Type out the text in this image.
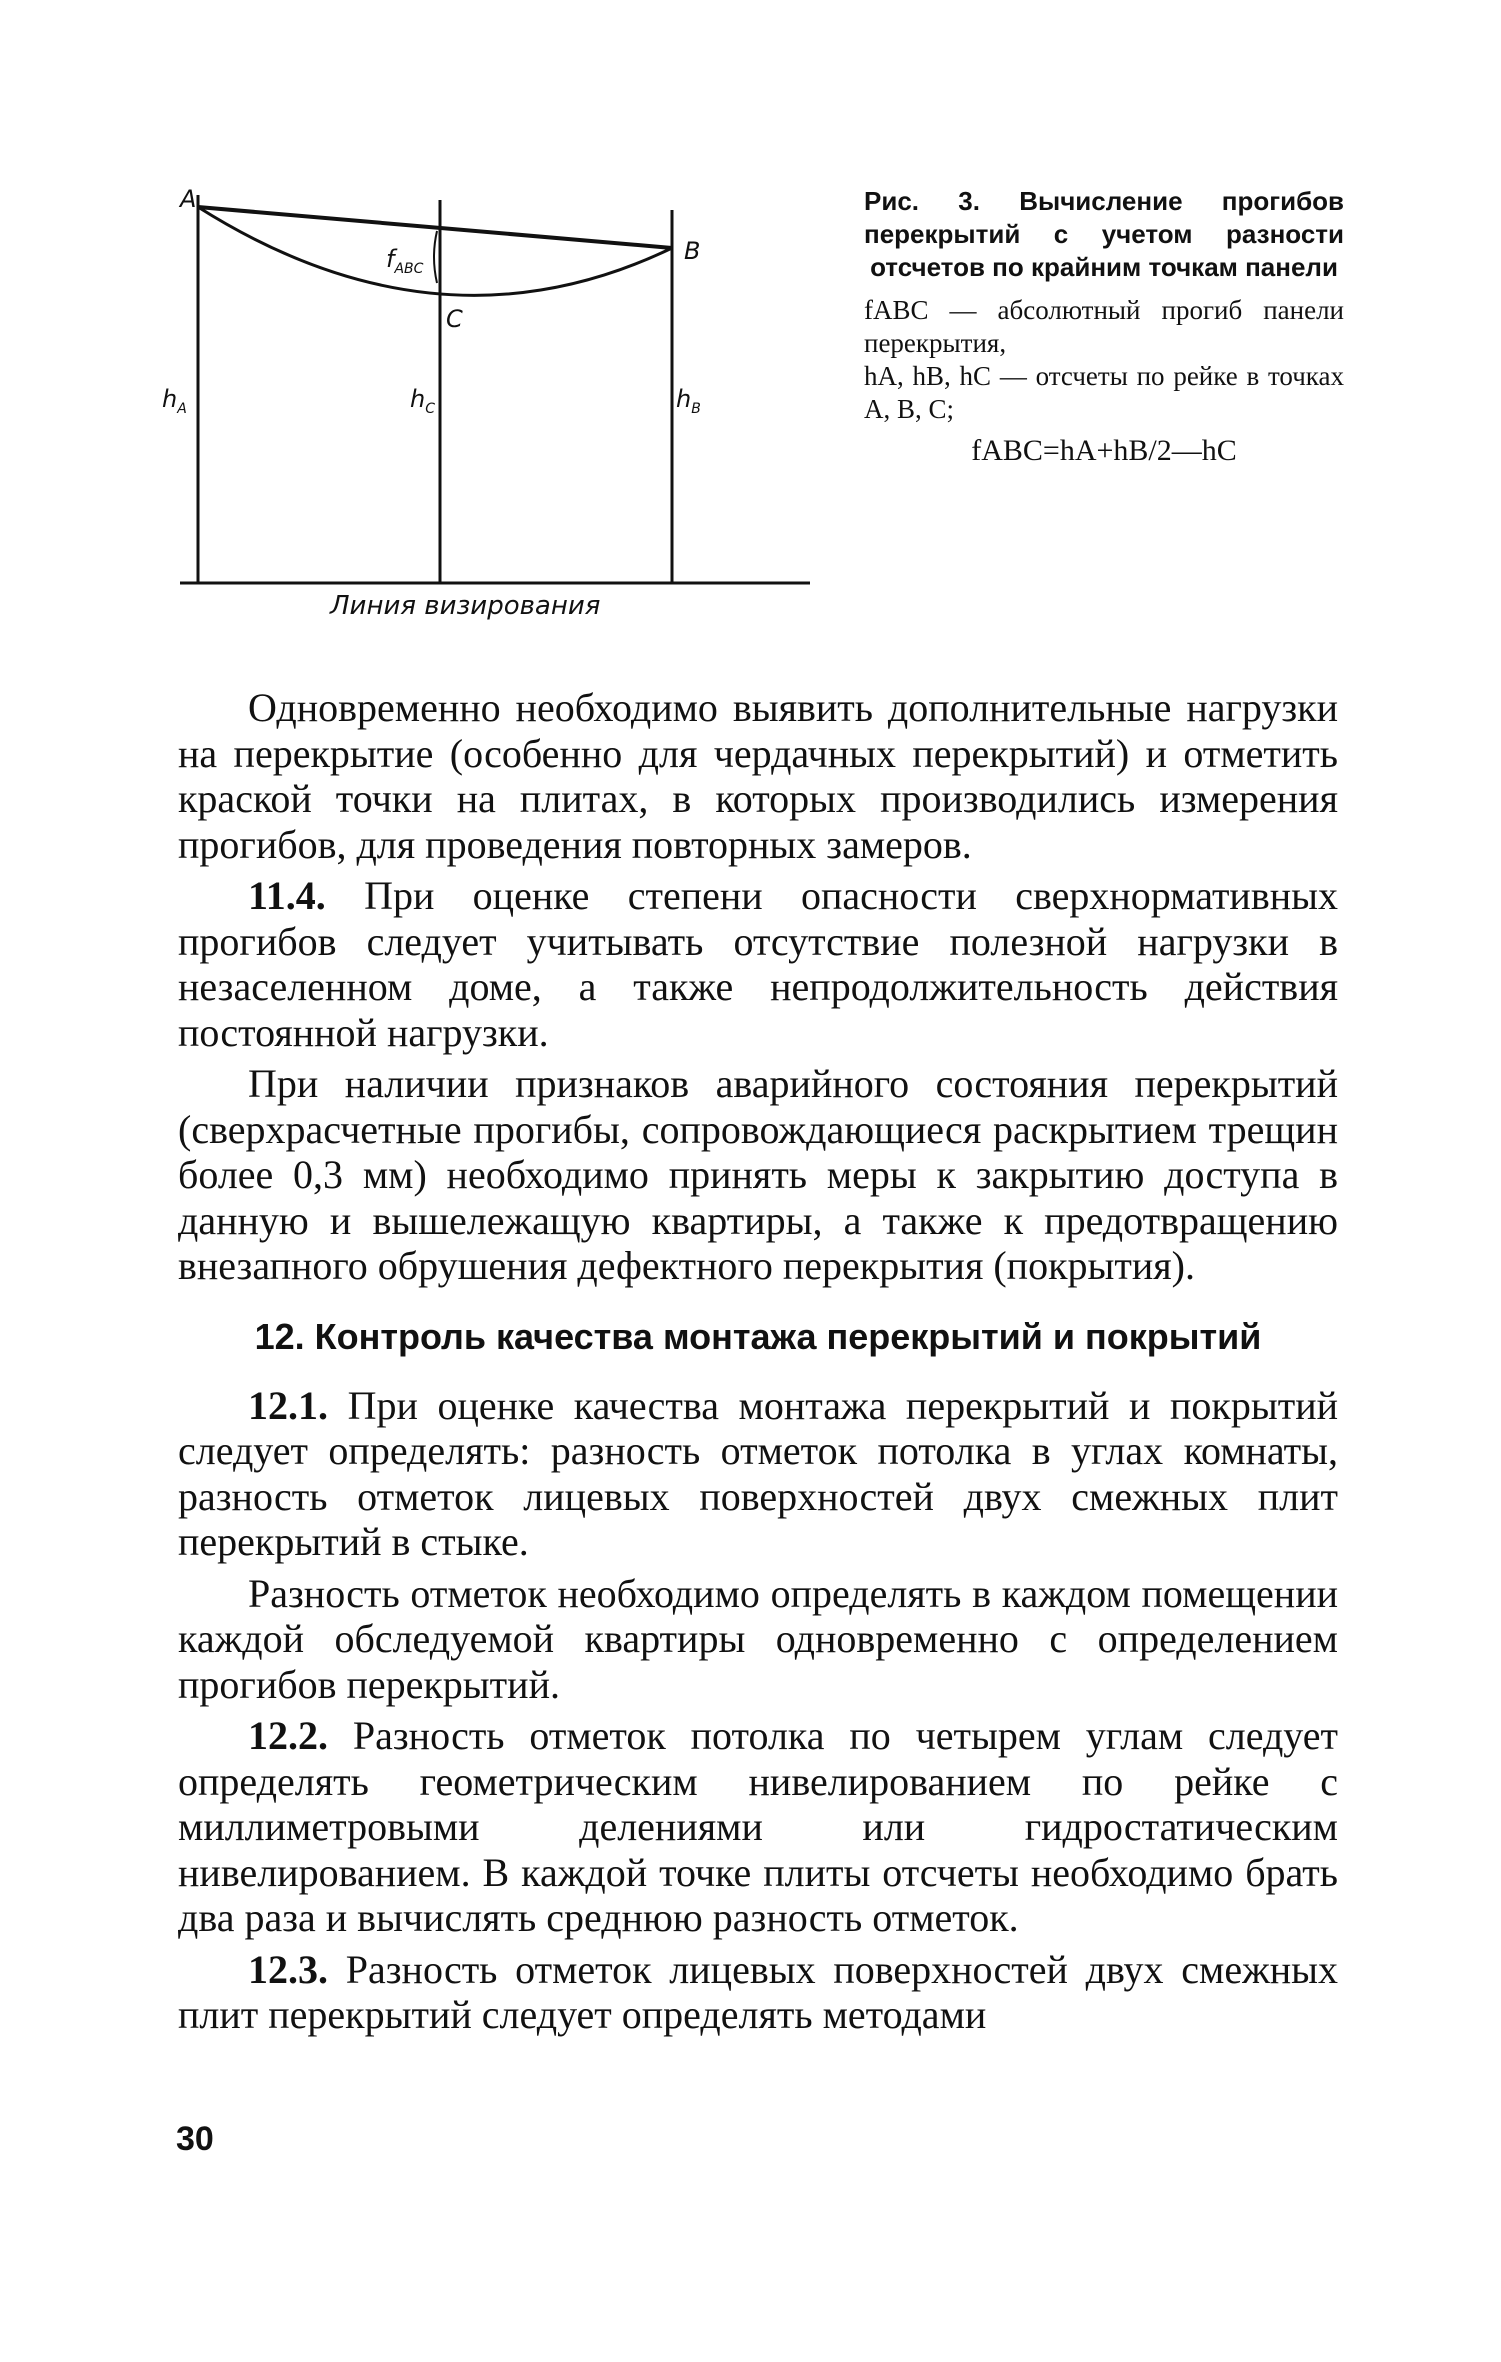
A
B
C
$f_{ABC}$
$h_A$	$h_C$	$h_B$
Линия визирования
Рис. 3. Вычисление прогибов перекрытий с учетом разности отсчетов по крайним точкам панели

fABC — абсолютный прогиб панели перекрытия,

hA, hB, hC — отсчеты по рейке в точках A, B, C;

fABC=hA+hB/2—hC

Одновременно необходимо выявить дополнительные нагрузки на перекрытие (особенно для чердачных перекрытий) и отметить краской точки на плитах, в которых производились измерения прогибов, для проведения повторных замеров.

11.4. При оценке степени опасности сверхнормативных прогибов следует учитывать отсутствие полезной нагрузки в незаселенном доме, а также непродолжительность действия постоянной нагрузки.

При наличии признаков аварийного состояния перекрытий (сверхрасчетные прогибы, сопровождающиеся раскрытием трещин более 0,3 мм) необходимо принять меры к закрытию доступа в данную и вышележащую квартиры, а также к предотвращению внезапного обрушения дефектного перекрытия (покрытия).

12. Контроль качества монтажа перекрытий и покрытий

12.1. При оценке качества монтажа перекрытий и покрытий следует определять: разность отметок потолка в углах комнаты, разность отметок лицевых поверхностей двух смежных плит перекрытий в стыке.

Разность отметок необходимо определять в каждом помещении каждой обследуемой квартиры одновременно с определением прогибов перекрытий.

12.2. Разность отметок потолка по четырем углам следует определять геометрическим нивелированием по рейке с миллиметровыми делениями или гидростатическим нивелированием. В каждой точке плиты отсчеты необходимо брать два раза и вычислять среднюю разность отметок.

12.3. Разность отметок лицевых поверхностей двух смежных плит перекрытий следует определять методами

30
